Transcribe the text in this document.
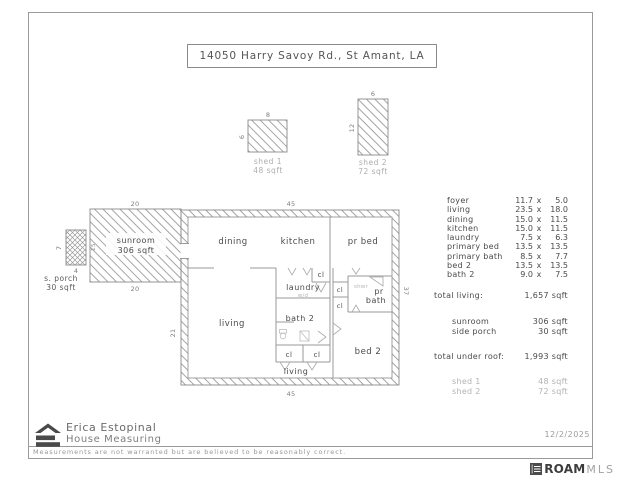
8
6
shed 1
48 sqft
6
12
shed 2
72 sqft
sunroom
306 sqft
20
20
15
7
4
s. porch
30 sqft
45
45
37
21
dining	kitchen	pr bed
laundry
w/d
cl
bath 2
cl	cl
living
living
bed 2
pr
bath
shwr
cl
cl
Measurements are not warranted but are believed to be reasonably correct.
14050 Harry Savoy Rd., St Amant, LA
foyer	11.7 x	5.0
living	23.5 x	18.0
dining	15.0 x	11.5
kitchen	15.0 x	11.5
laundry	7.5 x	6.3
primary bed	13.5 x	13.5
primary bath	8.5 x	7.7
bed 2	13.5 x	13.5
bath 2	9.0 x	7.5
total living:	1,657 sqft
sunroom	306 sqft
side porch	30 sqft
total under roof:	1,993 sqft
shed 1	48 sqft
shed 2	72 sqft
Erica Estopinal
House Measuring	12/2/2025
ROAM MLS
